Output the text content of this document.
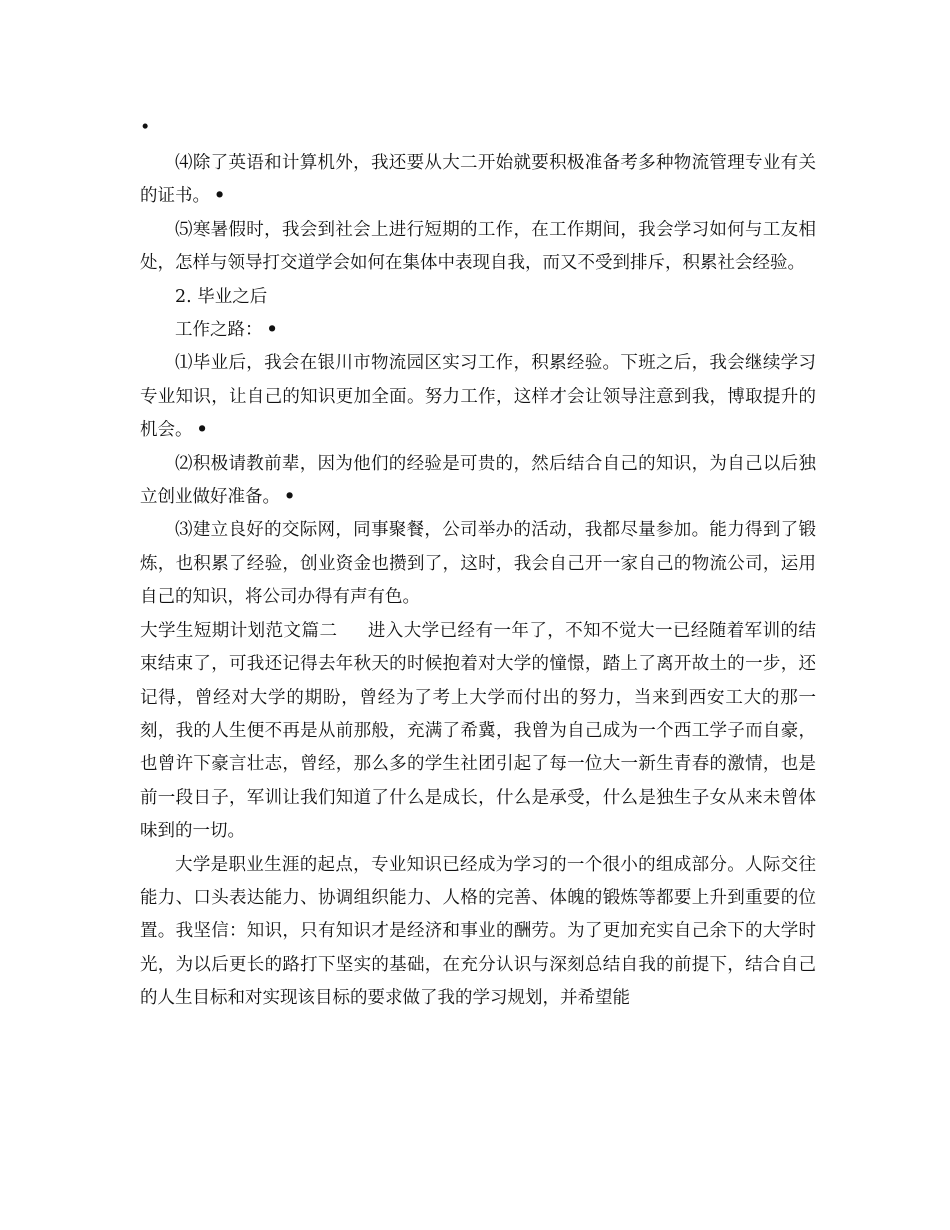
•

⑷除了英语和计算机外，我还要从大二开始就要积极准备考多种物流管理专业有关的证书。 •

⑸寒暑假时，我会到社会上进行短期的工作，在工作期间，我会学习如何与工友相处，怎样与领导打交道学会如何在集体中表现自我，而又不受到排斥，积累社会经验。

2. 毕业之后

工作之路： •

⑴毕业后，我会在银川市物流园区实习工作，积累经验。下班之后，我会继续学习专业知识，让自己的知识更加全面。努力工作，这样才会让领导注意到我，博取提升的机会。 •

⑵积极请教前辈，因为他们的经验是可贵的，然后结合自己的知识，为自己以后独立创业做好准备。 •

⑶建立良好的交际网，同事聚餐，公司举办的活动，我都尽量参加。能力得到了锻炼，也积累了经验，创业资金也攒到了，这时，我会自己开一家自己的物流公司，运用自己的知识，将公司办得有声有色。

大学生短期计划范文篇二 进入大学已经有一年了，不知不觉大一已经随着军训的结束结束了，可我还记得去年秋天的时候抱着对大学的憧憬，踏上了离开故土的一步，还记得，曾经对大学的期盼，曾经为了考上大学而付出的努力，当来到西安工大的那一刻，我的人生便不再是从前那般，充满了希冀，我曾为自己成为一个西工学子而自豪，也曾许下豪言壮志，曾经，那么多的学生社团引起了每一位大一新生青春的激情，也是前一段日子，军训让我们知道了什么是成长，什么是承受，什么是独生子女从来未曾体味到的一切。

大学是职业生涯的起点，专业知识已经成为学习的一个很小的组成部分。人际交往能力、口头表达能力、协调组织能力、人格的完善、体魄的锻炼等都要上升到重要的位置。我坚信：知识，只有知识才是经济和事业的酬劳。为了更加充实自己余下的大学时光，为以后更长的路打下坚实的基础，在充分认识与深刻总结自我的前提下，结合自己的人生目标和对实现该目标的要求做了我的学习规划，并希望能
